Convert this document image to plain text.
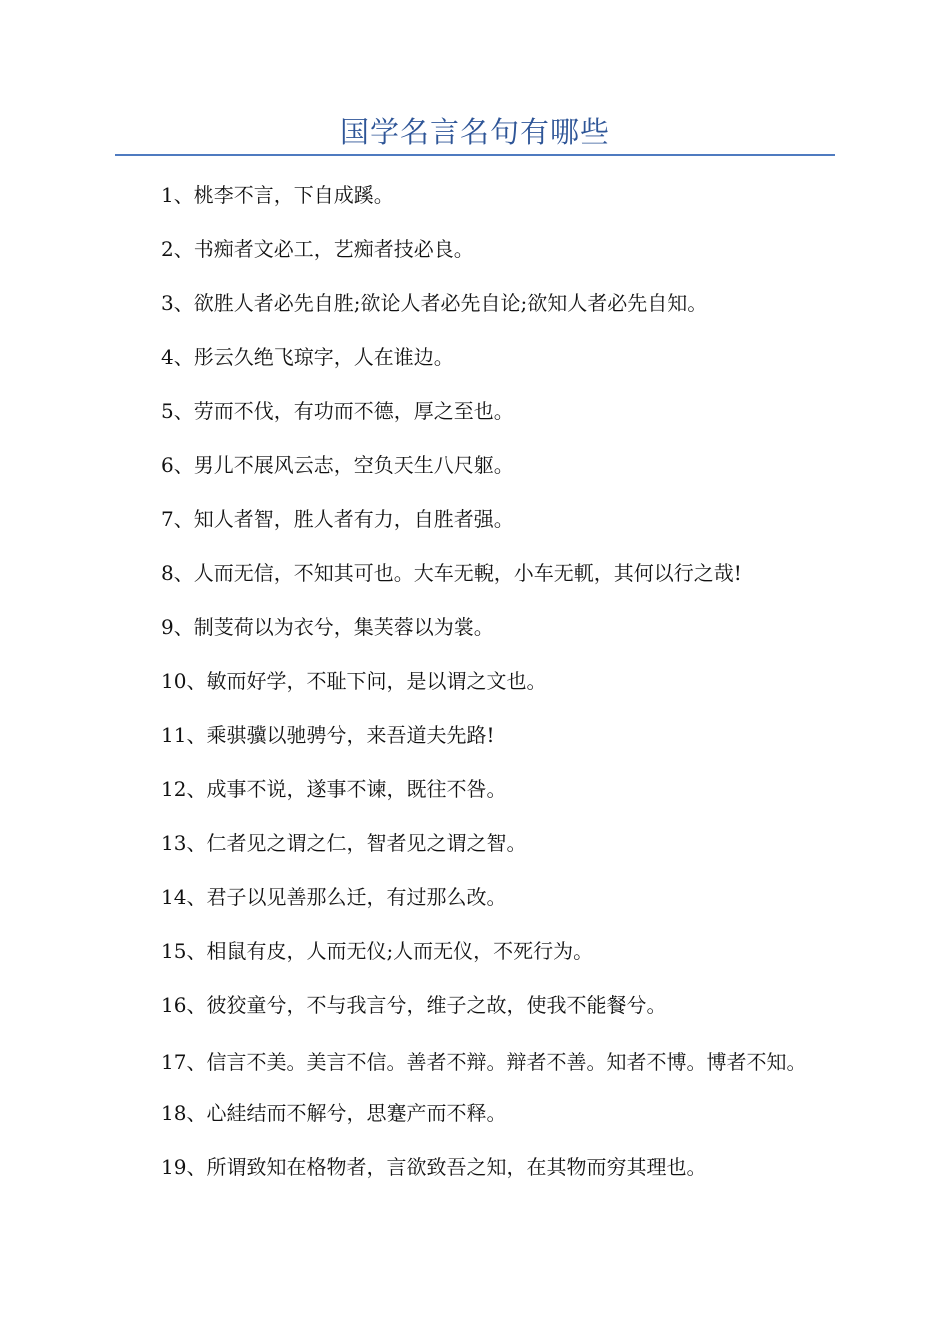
国学名言名句有哪些

1、桃李不言，下自成蹊。

2、书痴者文必工，艺痴者技必良。

3、欲胜人者必先自胜;欲论人者必先自论;欲知人者必先自知。

4、彤云久绝飞琼字，人在谁边。

5、劳而不伐，有功而不德，厚之至也。

6、男儿不展风云志，空负天生八尺躯。

7、知人者智，胜人者有力，自胜者强。

8、人而无信，不知其可也。大车无輗，小车无軏，其何以行之哉!

9、制芰荷以为衣兮，集芙蓉以为裳。

10、敏而好学，不耻下问，是以谓之文也。

11、乘骐骥以驰骋兮，来吾道夫先路!

12、成事不说，遂事不谏，既往不咎。

13、仁者见之谓之仁，智者见之谓之智。

14、君子以见善那么迁，有过那么改。

15、相鼠有皮，人而无仪;人而无仪，不死行为。

16、彼狡童兮，不与我言兮，维子之故，使我不能餐兮。

17、信言不美。美言不信。善者不辩。辩者不善。知者不博。博者不知。

18、心絓结而不解兮，思蹇产而不释。

19、所谓致知在格物者，言欲致吾之知，在其物而穷其理也。
